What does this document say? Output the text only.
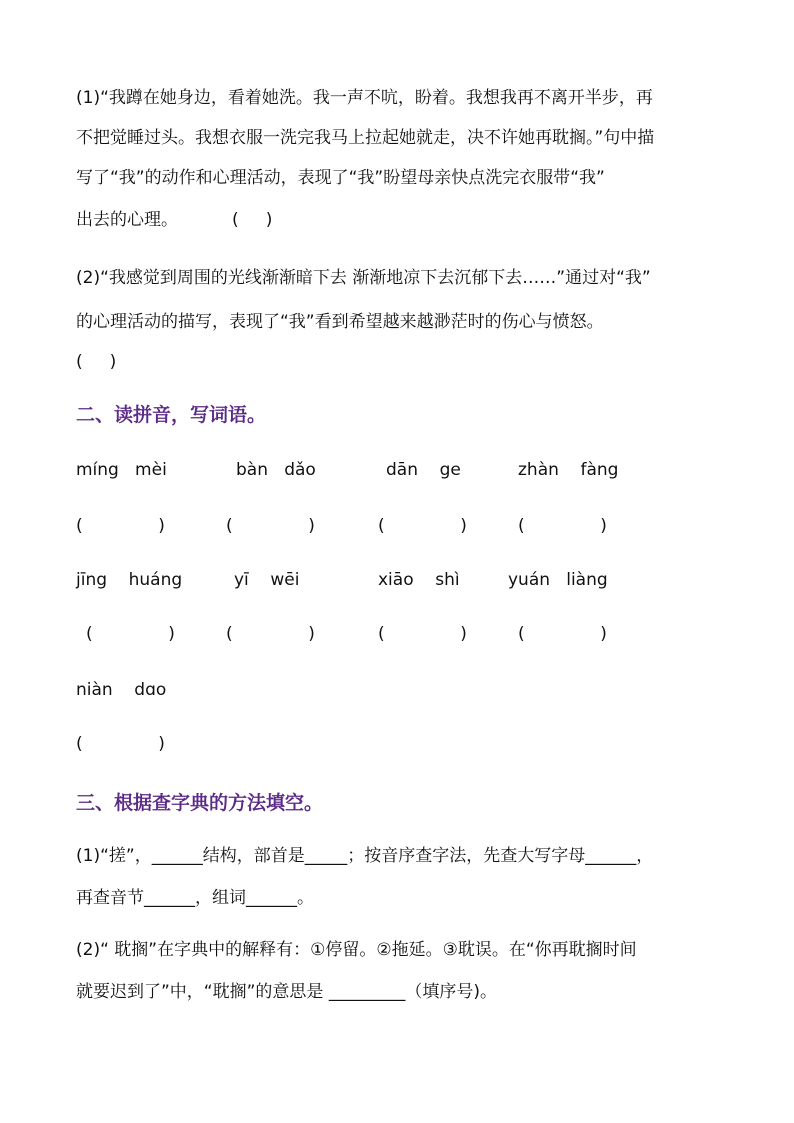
(1)“我蹲在她身边，看着她洗。我一声不吭，盼着。我想我再不离开半步，再
不把觉睡过头。我想衣服一洗完我马上拉起她就走，决不许她再耽搁。”句中描
写了“我”的动作和心理活动，表现了“我”盼望母亲快点洗完衣服带“我”
出去的心理。          (     )
(2)“我感觉到周围的光线渐渐暗下去 渐渐地凉下去沉郁下去……”通过对“我”
的心理活动的描写，表现了“我”看到希望越来越渺茫时的伤心与愤怒。
(     )
二、读拼音，写词语。
míng   mèi	bàn   dǎo	dān    ge	zhàn    fàng
(              )	(              )	(              )	(              )
jīng    huáng	yī    wēi	xiāo    shì	yuán   liàng
(              )	(              )	(              )	(              )
niàn    dɑo
(              )
三、根据查字典的方法填空。
(1)“搓”，______结构，部首是_____；按音序查字法，先查大写字母______，
再查音节______，组词______。
(2)“ 耽搁”在字典中的解释有：①停留。②拖延。③耽误。在“你再耽搁时间
就要迟到了”中，“耽搁”的意思是 _________（填序号)。
